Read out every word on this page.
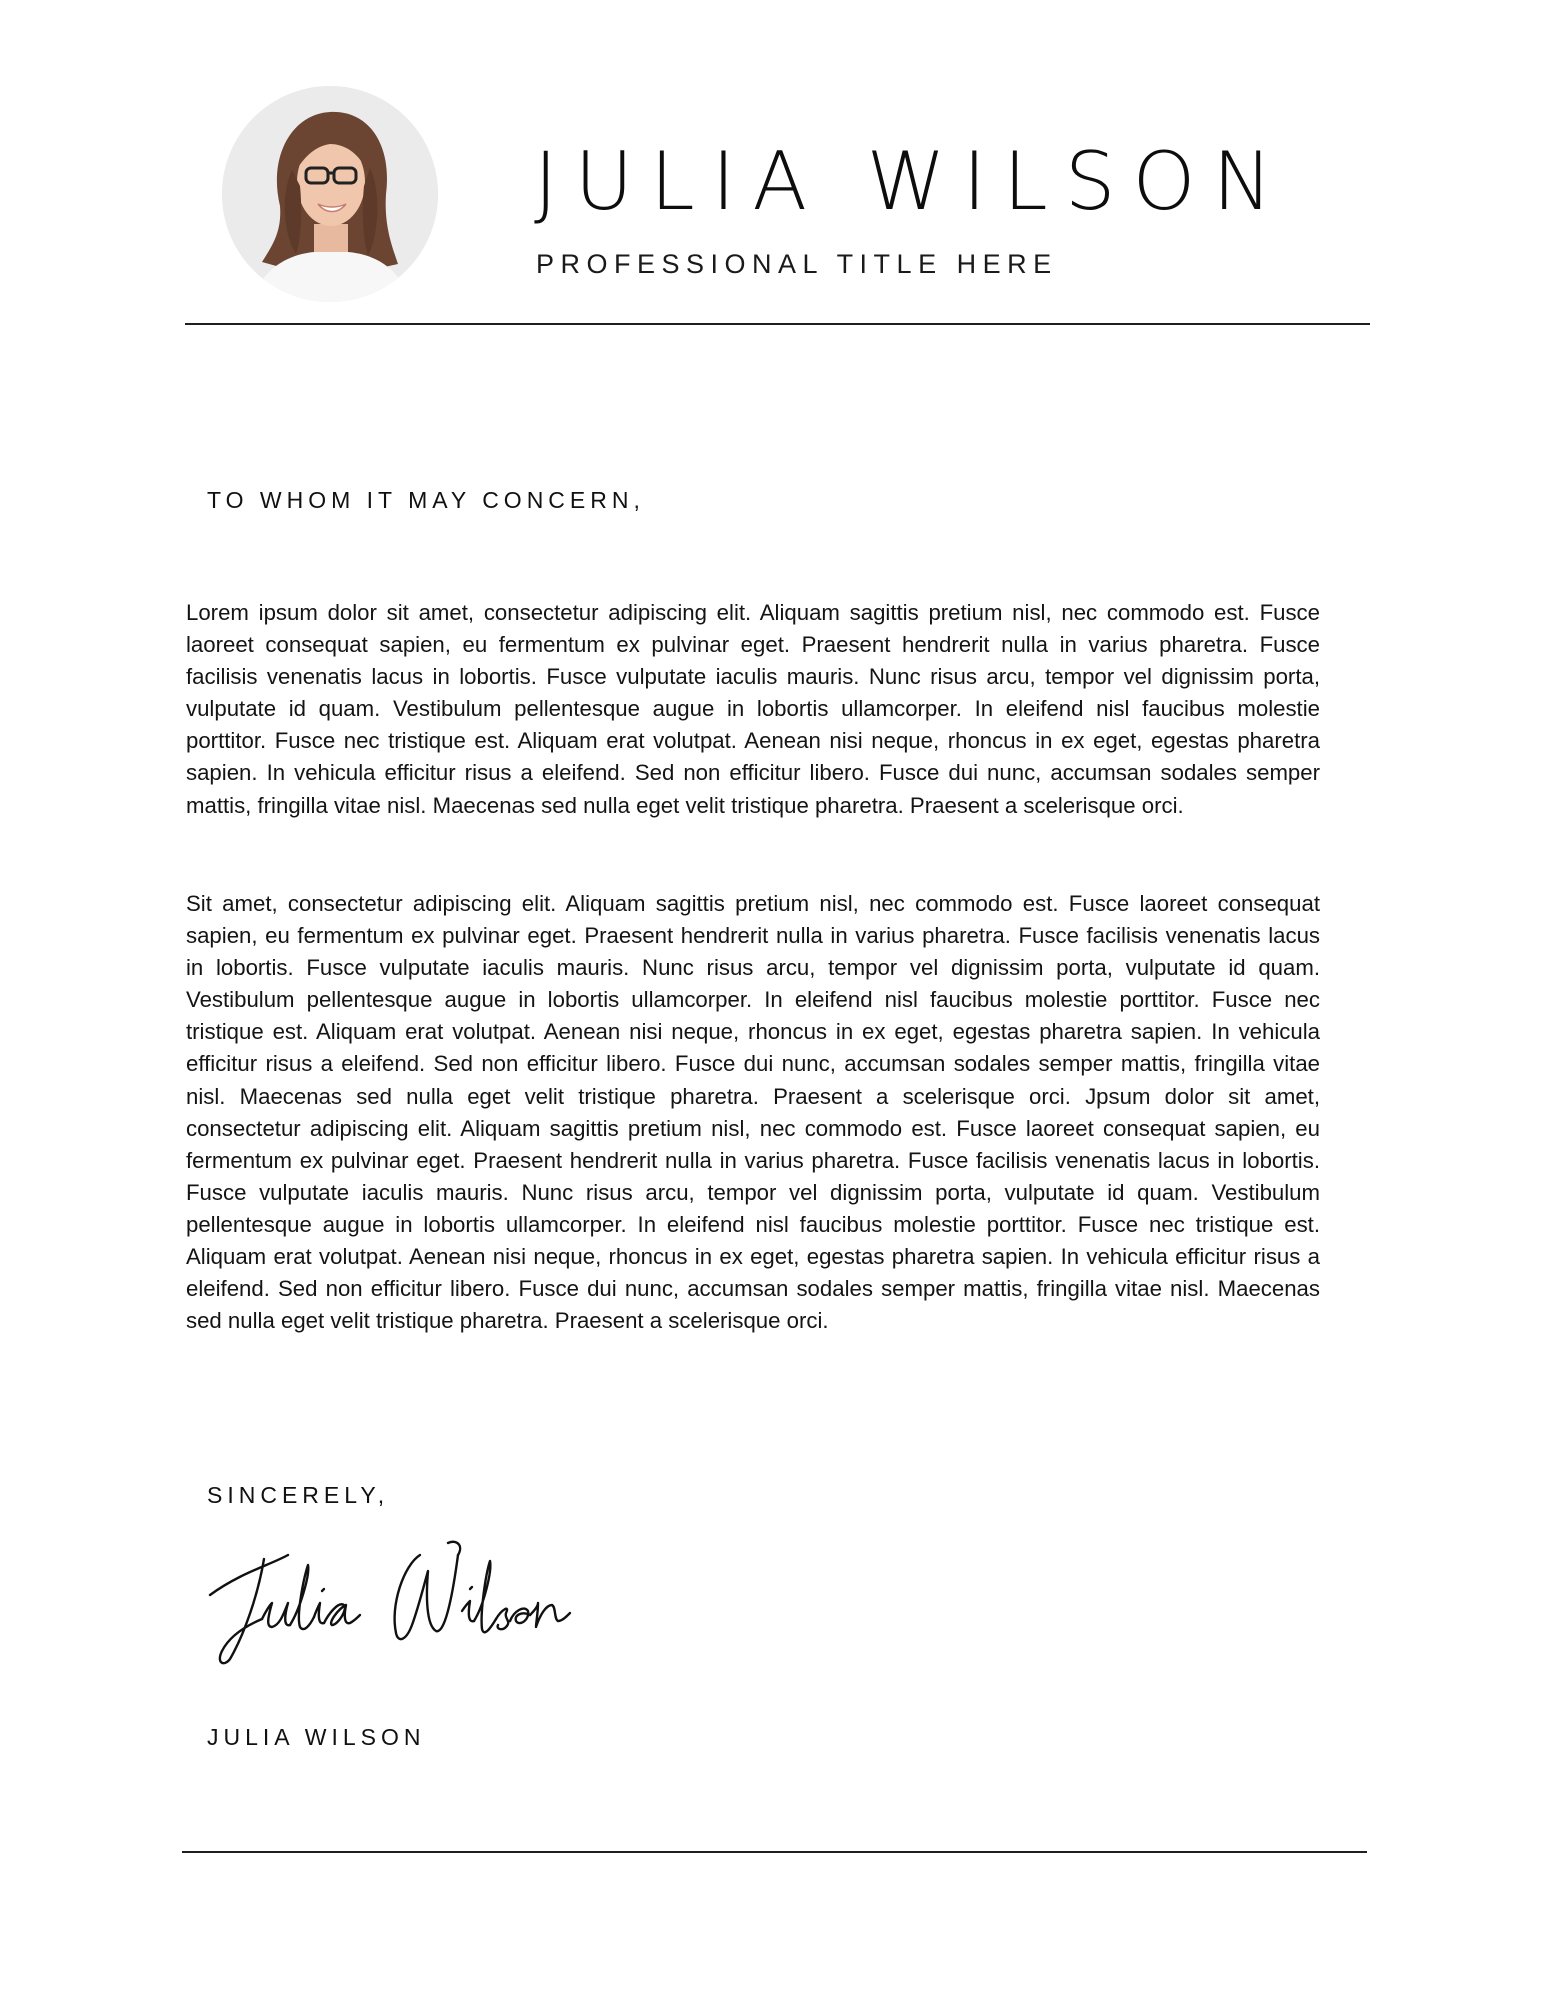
JULIA WILSON
PROFESSIONAL TITLE HERE
TO WHOM IT MAY CONCERN,

Lorem ipsum dolor sit amet, consectetur adipiscing elit. Aliquam sagittis pretium nisl, nec commodo est. Fusce laoreet consequat sapien, eu fermentum ex pulvinar eget. Praesent hendrerit nulla in varius pharetra. Fusce facilisis venenatis lacus in lobortis. Fusce vulputate iaculis mauris. Nunc risus arcu, tempor vel dignissim porta, vulputate id quam. Vestibulum pellentesque augue in lobortis ullamcorper. In eleifend nisl faucibus molestie porttitor. Fusce nec tristique est. Aliquam erat volutpat. Aenean nisi neque, rhoncus in ex eget, egestas pharetra sapien. In vehicula efficitur risus a eleifend. Sed non efficitur libero. Fusce dui nunc, accumsan sodales semper mattis, fringilla vitae nisl. Maecenas sed nulla eget velit tristique pharetra. Praesent a scelerisque orci.

Sit amet, consectetur adipiscing elit. Aliquam sagittis pretium nisl, nec commodo est. Fusce laoreet consequat sapien, eu fermentum ex pulvinar eget. Praesent hendrerit nulla in varius pharetra. Fusce facilisis venenatis lacus in lobortis. Fusce vulputate iaculis mauris. Nunc risus arcu, tempor vel dignissim porta, vulputate id quam. Vestibulum pellentesque augue in lobortis ullamcorper. In eleifend nisl faucibus molestie porttitor. Fusce nec tristique est. Aliquam erat volutpat. Aenean nisi neque, rhoncus in ex eget, egestas pharetra sapien. In vehicula efficitur risus a eleifend. Sed non efficitur libero. Fusce dui nunc, accumsan sodales semper mattis, fringilla vitae nisl. Maecenas sed nulla eget velit tristique pharetra. Praesent a scelerisque orci. Jpsum dolor sit amet, consectetur adipiscing elit. Aliquam sagittis pretium nisl, nec commodo est. Fusce laoreet consequat sapien, eu fermentum ex pulvinar eget. Praesent hendrerit nulla in varius pharetra. Fusce facilisis venenatis lacus in lobortis. Fusce vulputate iaculis mauris. Nunc risus arcu, tempor vel dignissim porta, vulputate id quam. Vestibulum pellentesque augue in lobortis ullamcorper. In eleifend nisl faucibus molestie porttitor. Fusce nec tristique est. Aliquam erat volutpat. Aenean nisi neque, rhoncus in ex eget, egestas pharetra sapien. In vehicula efficitur risus a eleifend. Sed non efficitur libero. Fusce dui nunc, accumsan sodales semper mattis, fringilla vitae nisl. Maecenas sed nulla eget velit tristique pharetra. Praesent a scelerisque orci.

SINCERELY,
JULIA WILSON
